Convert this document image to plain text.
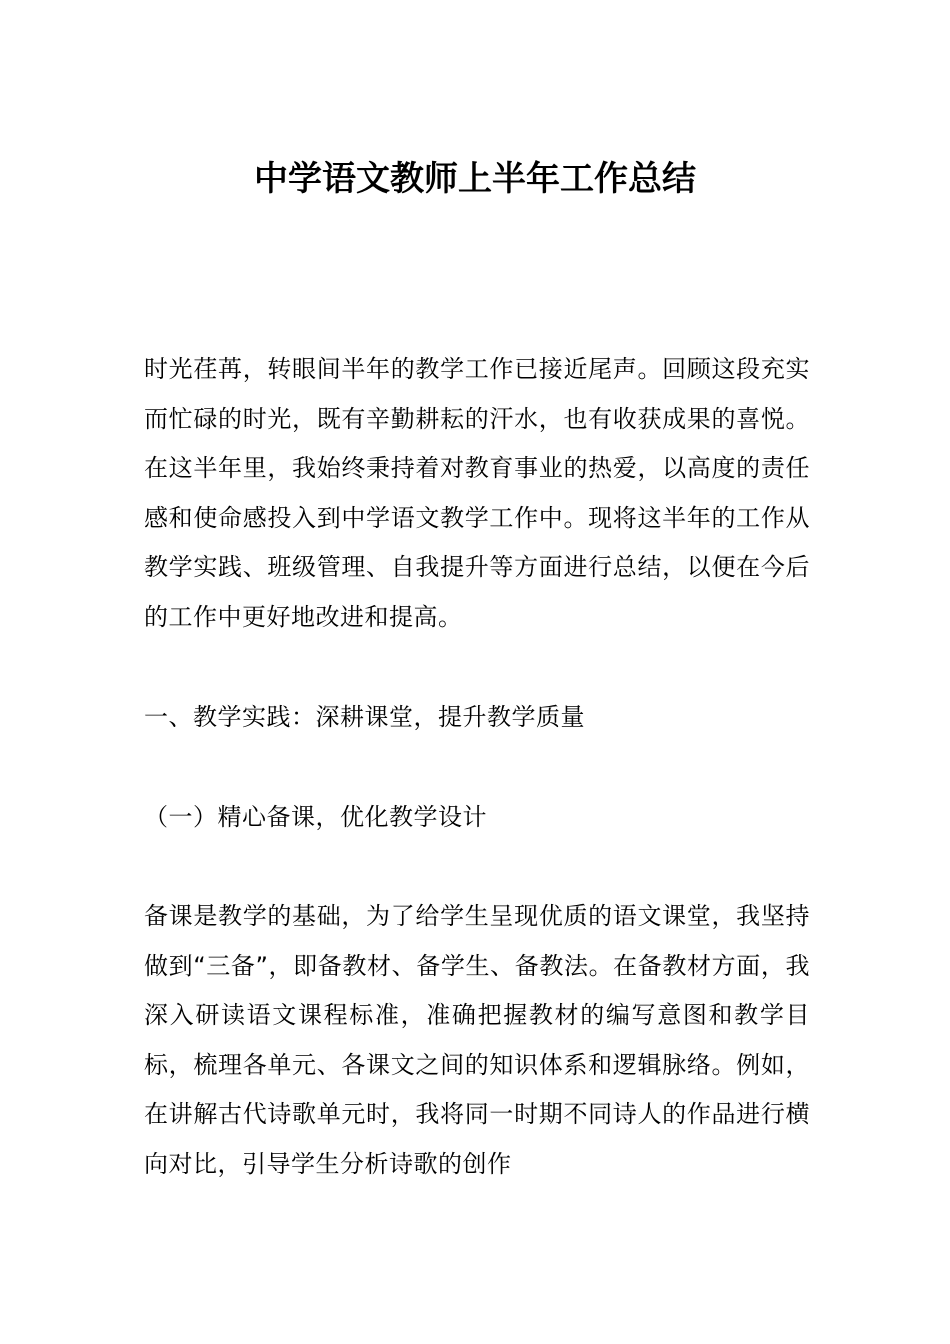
中学语文教师上半年工作总结

时光荏苒，转眼间半年的教学工作已接近尾声。回顾这段充实而忙碌的时光，既有辛勤耕耘的汗水，也有收获成果的喜悦。在这半年里，我始终秉持着对教育事业的热爱，以高度的责任感和使命感投入到中学语文教学工作中。现将这半年的工作从教学实践、班级管理、自我提升等方面进行总结，以便在今后的工作中更好地改进和提高。

一、教学实践：深耕课堂，提升教学质量

（一）精心备课，优化教学设计

备课是教学的基础，为了给学生呈现优质的语文课堂，我坚持做到“三备”，即备教材、备学生、备教法。在备教材方面，我深入研读语文课程标准，准确把握教材的编写意图和教学目标，梳理各单元、各课文之间的知识体系和逻辑脉络。例如，在讲解古代诗歌单元时，我将同一时期不同诗人的作品进行横向对比，引导学生分析诗歌的创作
